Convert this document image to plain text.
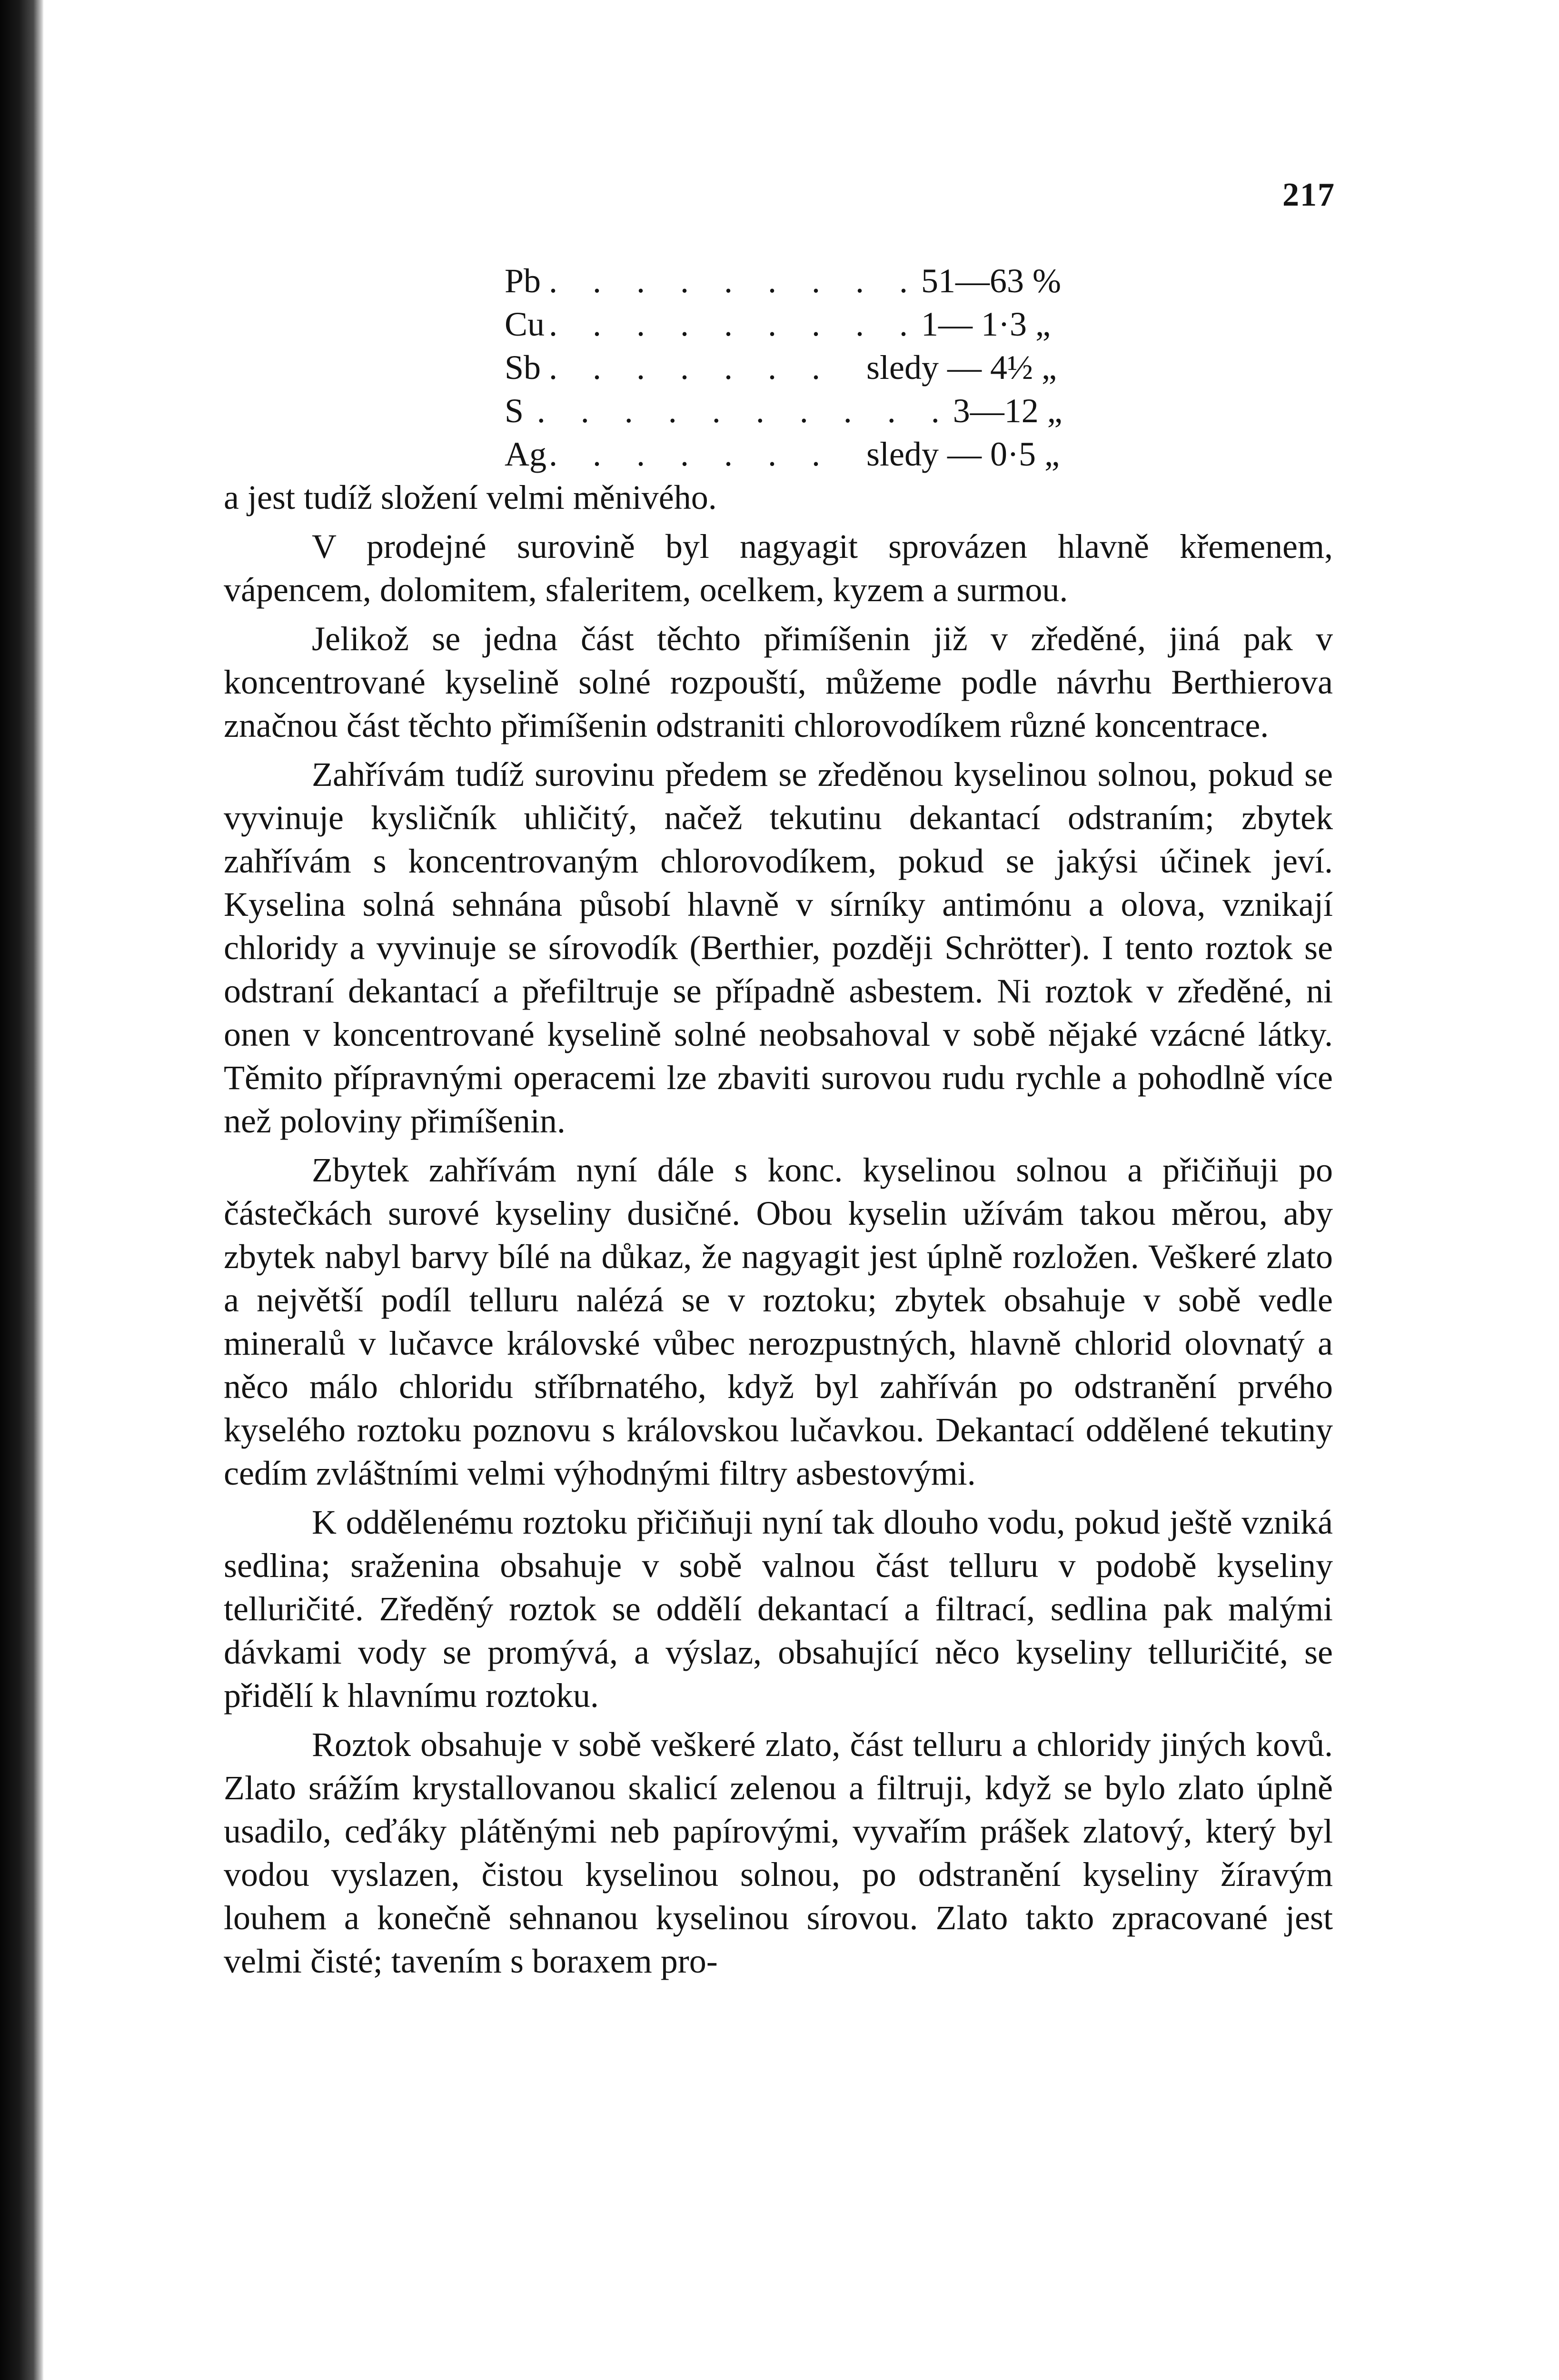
217
Pb . . . . . . . . . 51—63 %
Cu . . . . . . . . . 1— 1·3 „
Sb . . . . . . . sledy — 4½ „
S . . . . . . . . . . 3—12 „
Ag . . . . . . . sledy — 0·5 „

a jest tudíž složení velmi měnivého.

V prodejné surovině byl nagyagit sprovázen hlavně křemenem, vápencem, dolomitem, sfaleritem, ocelkem, kyzem a surmou.

Jelikož se jedna část těchto přimíšenin již v zředěné, jiná pak v koncentrované kyselině solné rozpouští, můžeme podle návrhu Berthierova značnou část těchto přimíšenin odstraniti chlorovodíkem různé koncentrace.

Zahřívám tudíž surovinu předem se zředěnou kyselinou solnou, pokud se vyvinuje kysličník uhličitý, načež tekutinu dekantací odstraním; zbytek zahřívám s koncentrovaným chlorovodíkem, pokud se jakýsi účinek jeví. Kyselina solná sehnána působí hlavně v sírníky antimónu a olova, vznikají chloridy a vyvinuje se sírovodík (Berthier, později Schrötter). I tento roztok se odstraní dekantací a přefiltruje se případně asbestem. Ni roztok v zředěné, ni onen v koncentrované kyselině solné neobsahoval v sobě nějaké vzácné látky. Těmito přípravnými operacemi lze zbaviti surovou rudu rychle a pohodlně více než poloviny přimíšenin.

Zbytek zahřívám nyní dále s konc. kyselinou solnou a přičiňuji po částečkách surové kyseliny dusičné. Obou kyselin užívám takou měrou, aby zbytek nabyl barvy bílé na důkaz, že nagyagit jest úplně rozložen. Veškeré zlato a největší podíl telluru nalézá se v roztoku; zbytek obsahuje v sobě vedle mineralů v lučavce královské vůbec nerozpustných, hlavně chlorid olovnatý a něco málo chloridu stříbrnatého, když byl zahříván po odstranění prvého kyselého roztoku poznovu s královskou lučavkou. Dekantací oddělené tekutiny cedím zvláštními velmi výhodnými filtry asbestovými.

K oddělenému roztoku přičiňuji nyní tak dlouho vodu, pokud ještě vzniká sedlina; sraženina obsahuje v sobě valnou část telluru v podobě kyseliny telluričité. Zředěný roztok se oddělí dekantací a filtrací, sedlina pak malými dávkami vody se promývá, a výslaz, obsahující něco kyseliny telluričité, se přidělí k hlavnímu roztoku.

Roztok obsahuje v sobě veškeré zlato, část telluru a chloridy jiných kovů. Zlato srážím krystallovanou skalicí zelenou a filtruji, když se bylo zlato úplně usadilo, ceďáky plátěnými neb papírovými, vyvařím prášek zlatový, který byl vodou vyslazen, čistou kyselinou solnou, po odstranění kyseliny žíravým louhem a konečně sehnanou kyselinou sírovou. Zlato takto zpracované jest velmi čisté; tavením s boraxem pro-
